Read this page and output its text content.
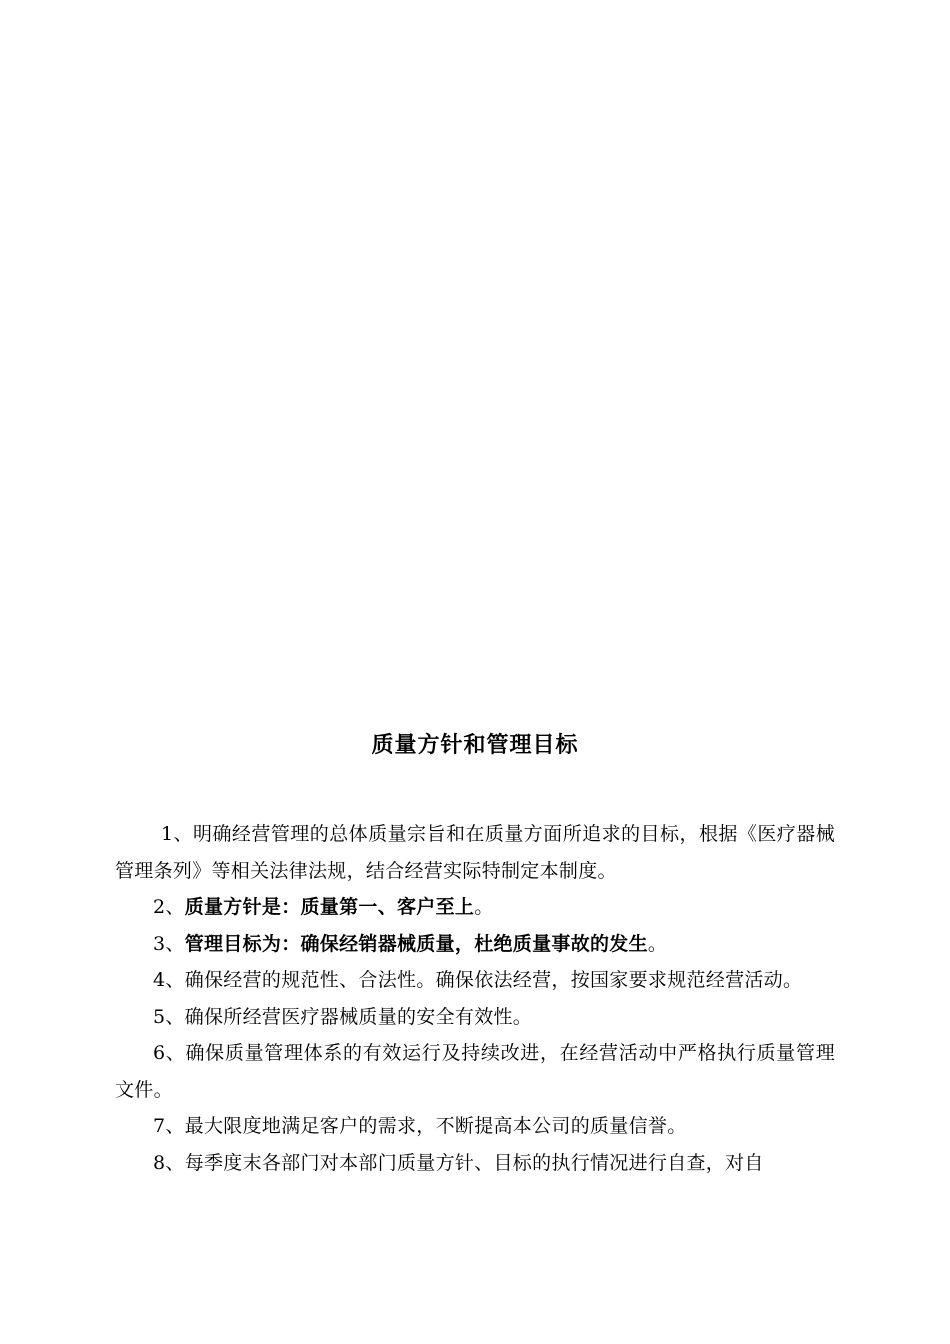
质量方针和管理目标

1、明确经营管理的总体质量宗旨和在质量方面所追求的目标，根据《医疗器械管理条列》等相关法律法规，结合经营实际特制定本制度。

2、质量方针是：质量第一、客户至上。

3、管理目标为：确保经销器械质量，杜绝质量事故的发生。

4、确保经营的规范性、合法性。确保依法经营，按国家要求规范经营活动。

5、确保所经营医疗器械质量的安全有效性。

6、确保质量管理体系的有效运行及持续改进，在经营活动中严格执行质量管理文件。

7、最大限度地满足客户的需求，不断提高本公司的质量信誉。

8、每季度末各部门对本部门质量方针、目标的执行情况进行自查，对自
